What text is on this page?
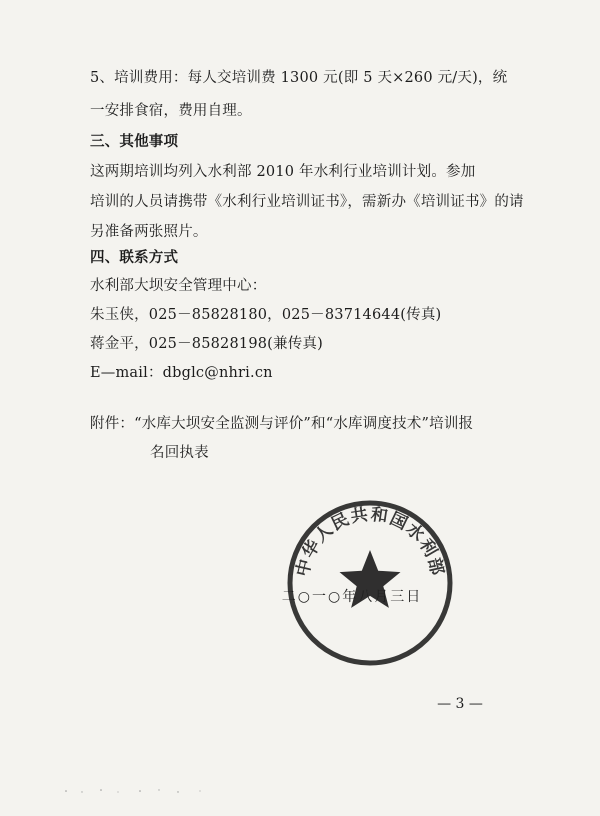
5、培训费用：每人交培训费 1300 元(即 5 天×260 元/天)，统
一安排食宿，费用自理。
三、其他事项
这两期培训均列入水利部 2010 年水利行业培训计划。参加
培训的人员请携带《水利行业培训证书》，需新办《培训证书》的请
另准备两张照片。
四、联系方式
水利部大坝安全管理中心：
朱玉侠，025－85828180，025－83714644(传真)
蒋金平，025－85828198(兼传真)
E—mail：dbglc@nhri.cn
附件：“水库大坝安全监测与评价”和“水库调度技术”培训报
名回执表
二○一○年八月三日
中华人民共和国水利部
— 3 —
